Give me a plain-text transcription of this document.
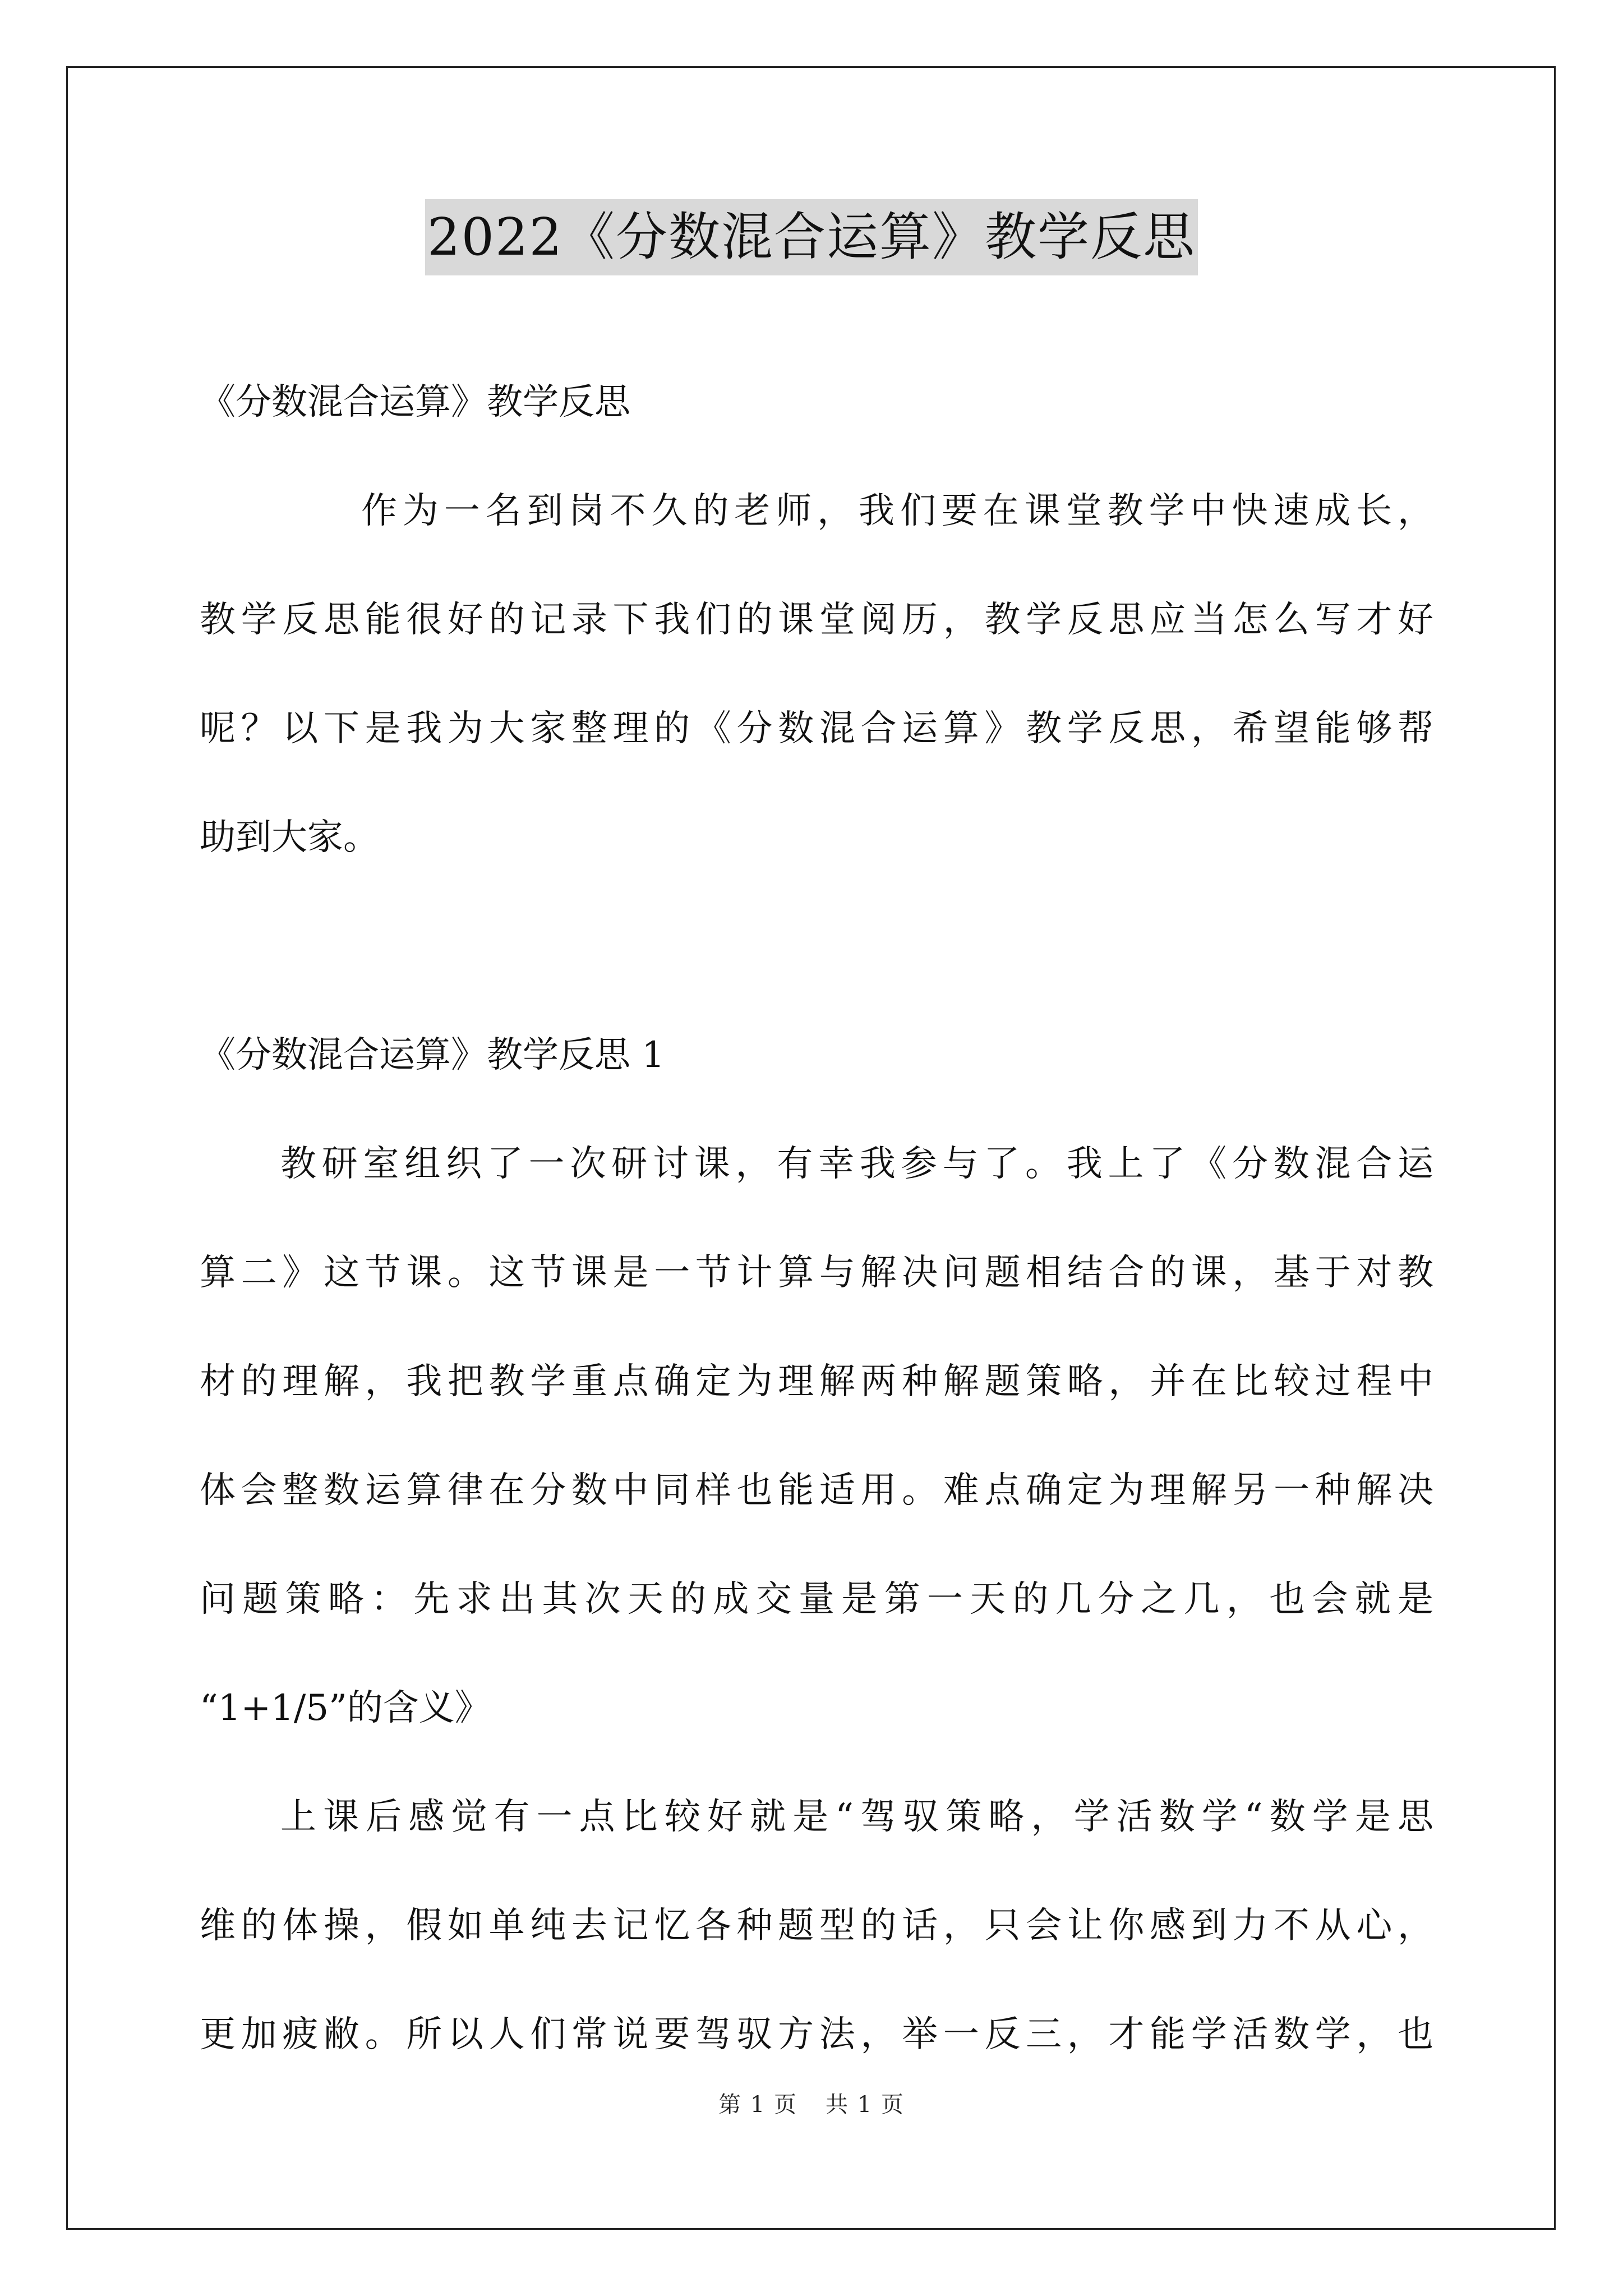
2022《分数混合运算》教学反思
《分数混合运算》教学反思
作为一名到岗不久的老师，我们要在课堂教学中快速成长，
教学反思能很好的记录下我们的课堂阅历，教学反思应当怎么写才好
呢？以下是我为大家整理的《分数混合运算》教学反思，希望能够帮
助到大家。
《分数混合运算》教学反思 1
教研室组织了一次研讨课，有幸我参与了。我上了《分数混合运
算二》这节课。这节课是一节计算与解决问题相结合的课，基于对教
材的理解，我把教学重点确定为理解两种解题策略，并在比较过程中
体会整数运算律在分数中同样也能适用。难点确定为理解另一种解决
问题策略：先求出其次天的成交量是第一天的几分之几，也会就是
“1+1/5”的含义》
上课后感觉有一点比较好就是“驾驭策略，学活数学“数学是思
维的体操，假如单纯去记忆各种题型的话，只会让你感到力不从心，
更加疲敝。所以人们常说要驾驭方法，举一反三，才能学活数学，也
第 1 页 共 1 页
